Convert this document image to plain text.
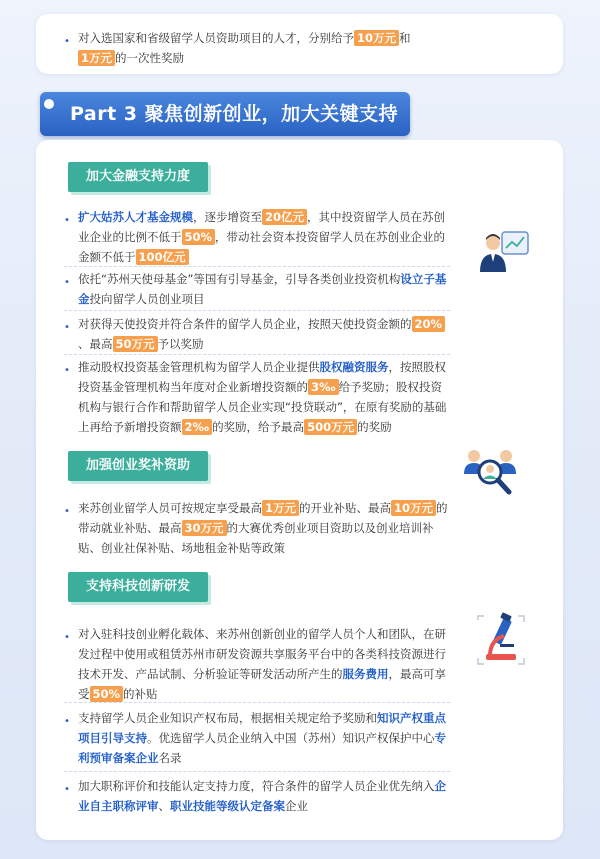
• 对入选国家和省级留学人员资助项目的人才，分别给予 10万元 和
1万元 的一次性奖励
Part 3 聚焦创新创业，加大关键支持
加大金融支持力度
• 扩大姑苏人才基金规模，逐步增资至 20亿元 ，其中投资留学人员在苏创业企业的比例不低于 50% ，带动社会资本投资留学人员在苏创业企业的金额不低于 100亿元
• 依托“苏州天使母基金”等国有引导基金，引导各类创业投资机构设立子基金投向留学人员创业项目
• 对获得天使投资并符合条件的留学人员企业，按照天使投资金额的 20%、最高 50万元 予以奖励
• 推动股权投资基金管理机构为留学人员企业提供股权融资服务，按照股权投资基金管理机构当年度对企业新增投资额的 3‰ 给予奖励；股权投资机构与银行合作和帮助留学人员企业实现“投贷联动”，在原有奖励的基础上再给予新增投资额 2‰ 的奖励，给予最高 500万元 的奖励
加强创业奖补资助
• 来苏创业留学人员可按规定享受最高 1万元 的开业补贴、最高 10万元 的带动就业补贴、最高 30万元 的大赛优秀创业项目资助以及创业培训补贴、创业社保补贴、场地租金补贴等政策
支持科技创新研发
• 对入驻科技创业孵化载体、来苏州创新创业的留学人员个人和团队，在研发过程中使用或租赁苏州市研发资源共享服务平台中的各类科技资源进行技术开发、产品试制、分析验证等研发活动所产生的服务费用，最高可享受 50% 的补贴
• 支持留学人员企业知识产权布局，根据相关规定给予奖励和知识产权重点项目引导支持。优选留学人员企业纳入中国（苏州）知识产权保护中心专利预审备案企业名录
• 加大职称评价和技能认定支持力度，符合条件的留学人员企业优先纳入企业自主职称评审、职业技能等级认定备案企业
